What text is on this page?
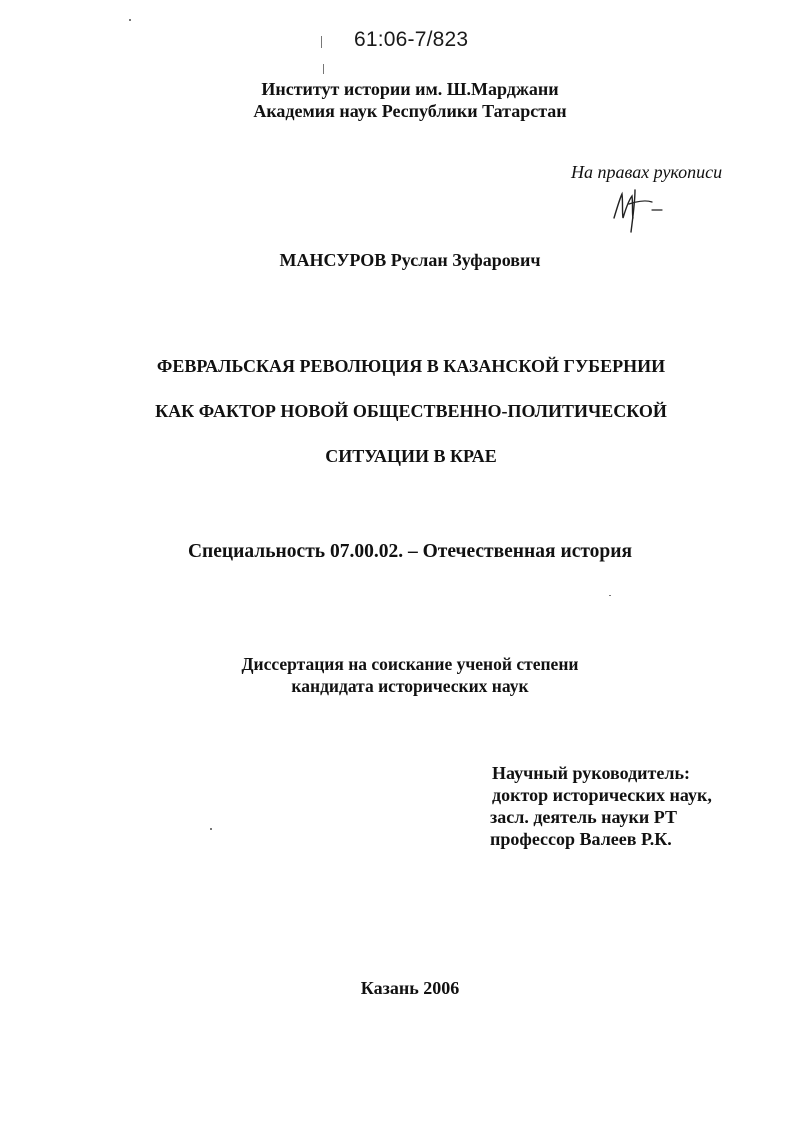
61:06-7/823
Институт истории им. Ш.Марджани
Академия наук Республики Татарстан
На правах рукописи
МАНСУРОВ Руслан Зуфарович
ФЕВРАЛЬСКАЯ РЕВОЛЮЦИЯ В КАЗАНСКОЙ ГУБЕРНИИ
КАК ФАКТОР НОВОЙ ОБЩЕСТВЕННО-ПОЛИТИЧЕСКОЙ
СИТУАЦИИ В КРАЕ
Специальность 07.00.02. – Отечественная история
Диссертация на соискание ученой степени
кандидата исторических наук
Научный руководитель:
доктор исторических наук,
засл. деятель науки РТ
профессор Валеев Р.К.
Казань 2006
